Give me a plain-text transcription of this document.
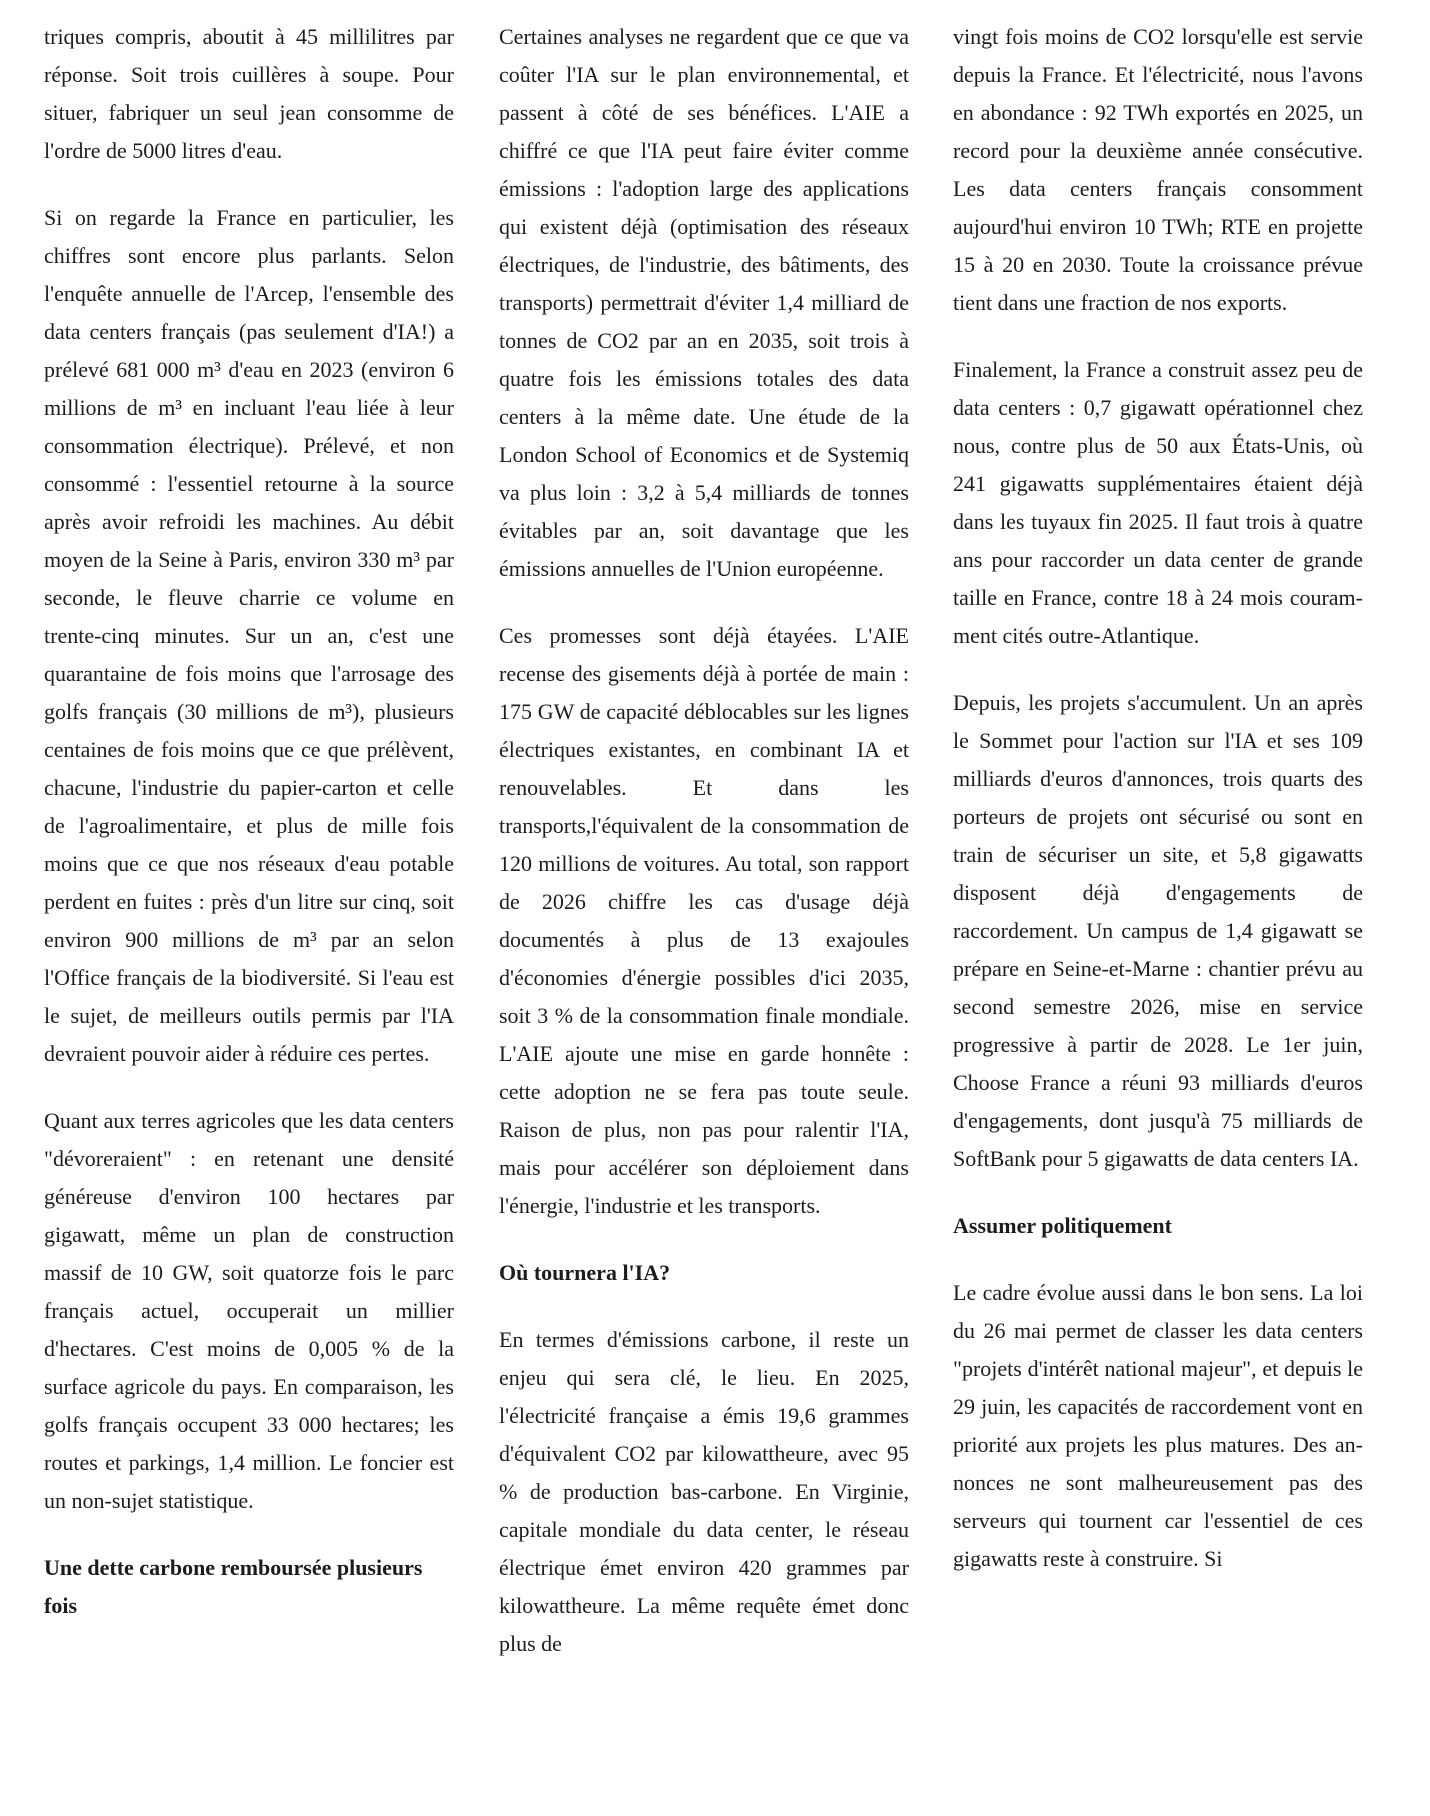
triques compris, aboutit à 45 millilitres par réponse. Soit trois cuillères à soupe. Pour situer, fabriquer un seul jean consomme de l'ordre de 5000 litres d'eau.

Si on regarde la France en particulier, les chiffres sont encore plus parlants. Selon l'enquête annuelle de l'Arcep, l'ensemble des data centers français (pas seulement d'IA!) a prélevé 681 000 m³ d'eau en 2023 (environ 6 millions de m³ en incluant l'eau liée à leur consommation électrique). Prélevé, et non consommé : l'essentiel retourne à la source après avoir refroidi les machines. Au débit moyen de la Seine à Paris, environ 330 m³ par seconde, le fleuve charrie ce volume en trente-cinq minutes. Sur un an, c'est une quarantaine de fois moins que l'arrosage des golfs français (30 millions de m³), plusieurs centaines de fois moins que ce que prélèvent, chacune, l'industrie du papier-carton et celle de l'agroalimentaire, et plus de mille fois moins que ce que nos réseaux d'eau potable perdent en fuites : près d'un litre sur cinq, soit environ 900 millions de m³ par an selon l'Office français de la biodiversité. Si l'eau est le sujet, de meilleurs outils permis par l'IA devraient pouvoir aider à réduire ces pertes.

Quant aux terres agricoles que les data centers "dévoreraient" : en retenant une densité généreuse d'environ 100 hectares par gigawatt, même un plan de construction massif de 10 GW, soit quatorze fois le parc français actuel, occuperait un millier d'hectares. C'est moins de 0,005 % de la surface agricole du pays. En comparaison, les golfs français occupent 33 000 hectares; les routes et parkings, 1,4 million. Le foncier est un non-sujet statistique.

Une dette carbone remboursée plusieurs fois

Certaines analyses ne regardent que ce que va coûter l'IA sur le plan environnemental, et passent à côté de ses bénéfices. L'AIE a chiffré ce que l'IA peut faire éviter comme émissions : l'adoption large des applications qui existent déjà (optimisation des réseaux électriques, de l'industrie, des bâtiments, des transports) permettrait d'éviter 1,4 milliard de tonnes de CO2 par an en 2035, soit trois à quatre fois les émissions totales des data centers à la même date. Une étude de la London School of Economics et de Systemiq va plus loin : 3,2 à 5,4 milliards de tonnes évitables par an, soit davantage que les émissions annuelles de l'Union européenne.

Ces promesses sont déjà étayées. L'AIE recense des gisements déjà à portée de main : 175 GW de capacité déblocables sur les lignes électriques existantes, en combinant IA et renouvelables. Et dans les transports,l'équivalent de la consommation de 120 millions de voitures. Au total, son rapport de 2026 chiffre les cas d'usage déjà documentés à plus de 13 exajoules d'économies d'énergie possibles d'ici 2035, soit 3 % de la consommation finale mondiale. L'AIE ajoute une mise en garde honnête : cette adoption ne se fera pas toute seule. Raison de plus, non pas pour ralentir l'IA, mais pour accélérer son déploiement dans l'énergie, l'industrie et les transports.

Où tournera l'IA?

En termes d'émissions carbone, il reste un enjeu qui sera clé, le lieu. En 2025, l'électricité française a émis 19,6 grammes d'équivalent CO2 par kilowattheure, avec 95 % de production bas-carbone. En Virginie, capitale mondiale du data center, le réseau électrique émet environ 420 grammes par kilowattheure. La même requête émet donc plus de

vingt fois moins de CO2 lorsqu'elle est servie depuis la France. Et l'électricité, nous l'avons en abondance : 92 TWh exportés en 2025, un record pour la deuxième année consécutive. Les data centers français consomment aujourd'hui environ 10 TWh; RTE en projette 15 à 20 en 2030. Toute la croissance prévue tient dans une fraction de nos exports.

Finalement, la France a construit assez peu de data centers : 0,7 gigawatt opérationnel chez nous, contre plus de 50 aux États-Unis, où 241 gigawatts supplémentaires étaient déjà dans les tuyaux fin 2025. Il faut trois à quatre ans pour raccorder un data center de grande taille en France, contre 18 à 24 mois couramment cités outre-Atlantique.

Depuis, les projets s'accumulent. Un an après le Sommet pour l'action sur l'IA et ses 109 milliards d'euros d'annonces, trois quarts des porteurs de projets ont sécurisé ou sont en train de sécuriser un site, et 5,8 gigawatts disposent déjà d'engagements de raccordement. Un campus de 1,4 gigawatt se prépare en Seine-et-Marne : chantier prévu au second semestre 2026, mise en service progressive à partir de 2028. Le 1er juin, Choose France a réuni 93 milliards d'euros d'engagements, dont jusqu'à 75 milliards de SoftBank pour 5 gigawatts de data centers IA.

Assumer politiquement

Le cadre évolue aussi dans le bon sens. La loi du 26 mai permet de classer les data centers "projets d'intérêt national majeur", et depuis le 29 juin, les capacités de raccordement vont en priorité aux projets les plus matures. Des annonces ne sont malheureusement pas des serveurs qui tournent car l'essentiel de ces gigawatts reste à construire. Si
